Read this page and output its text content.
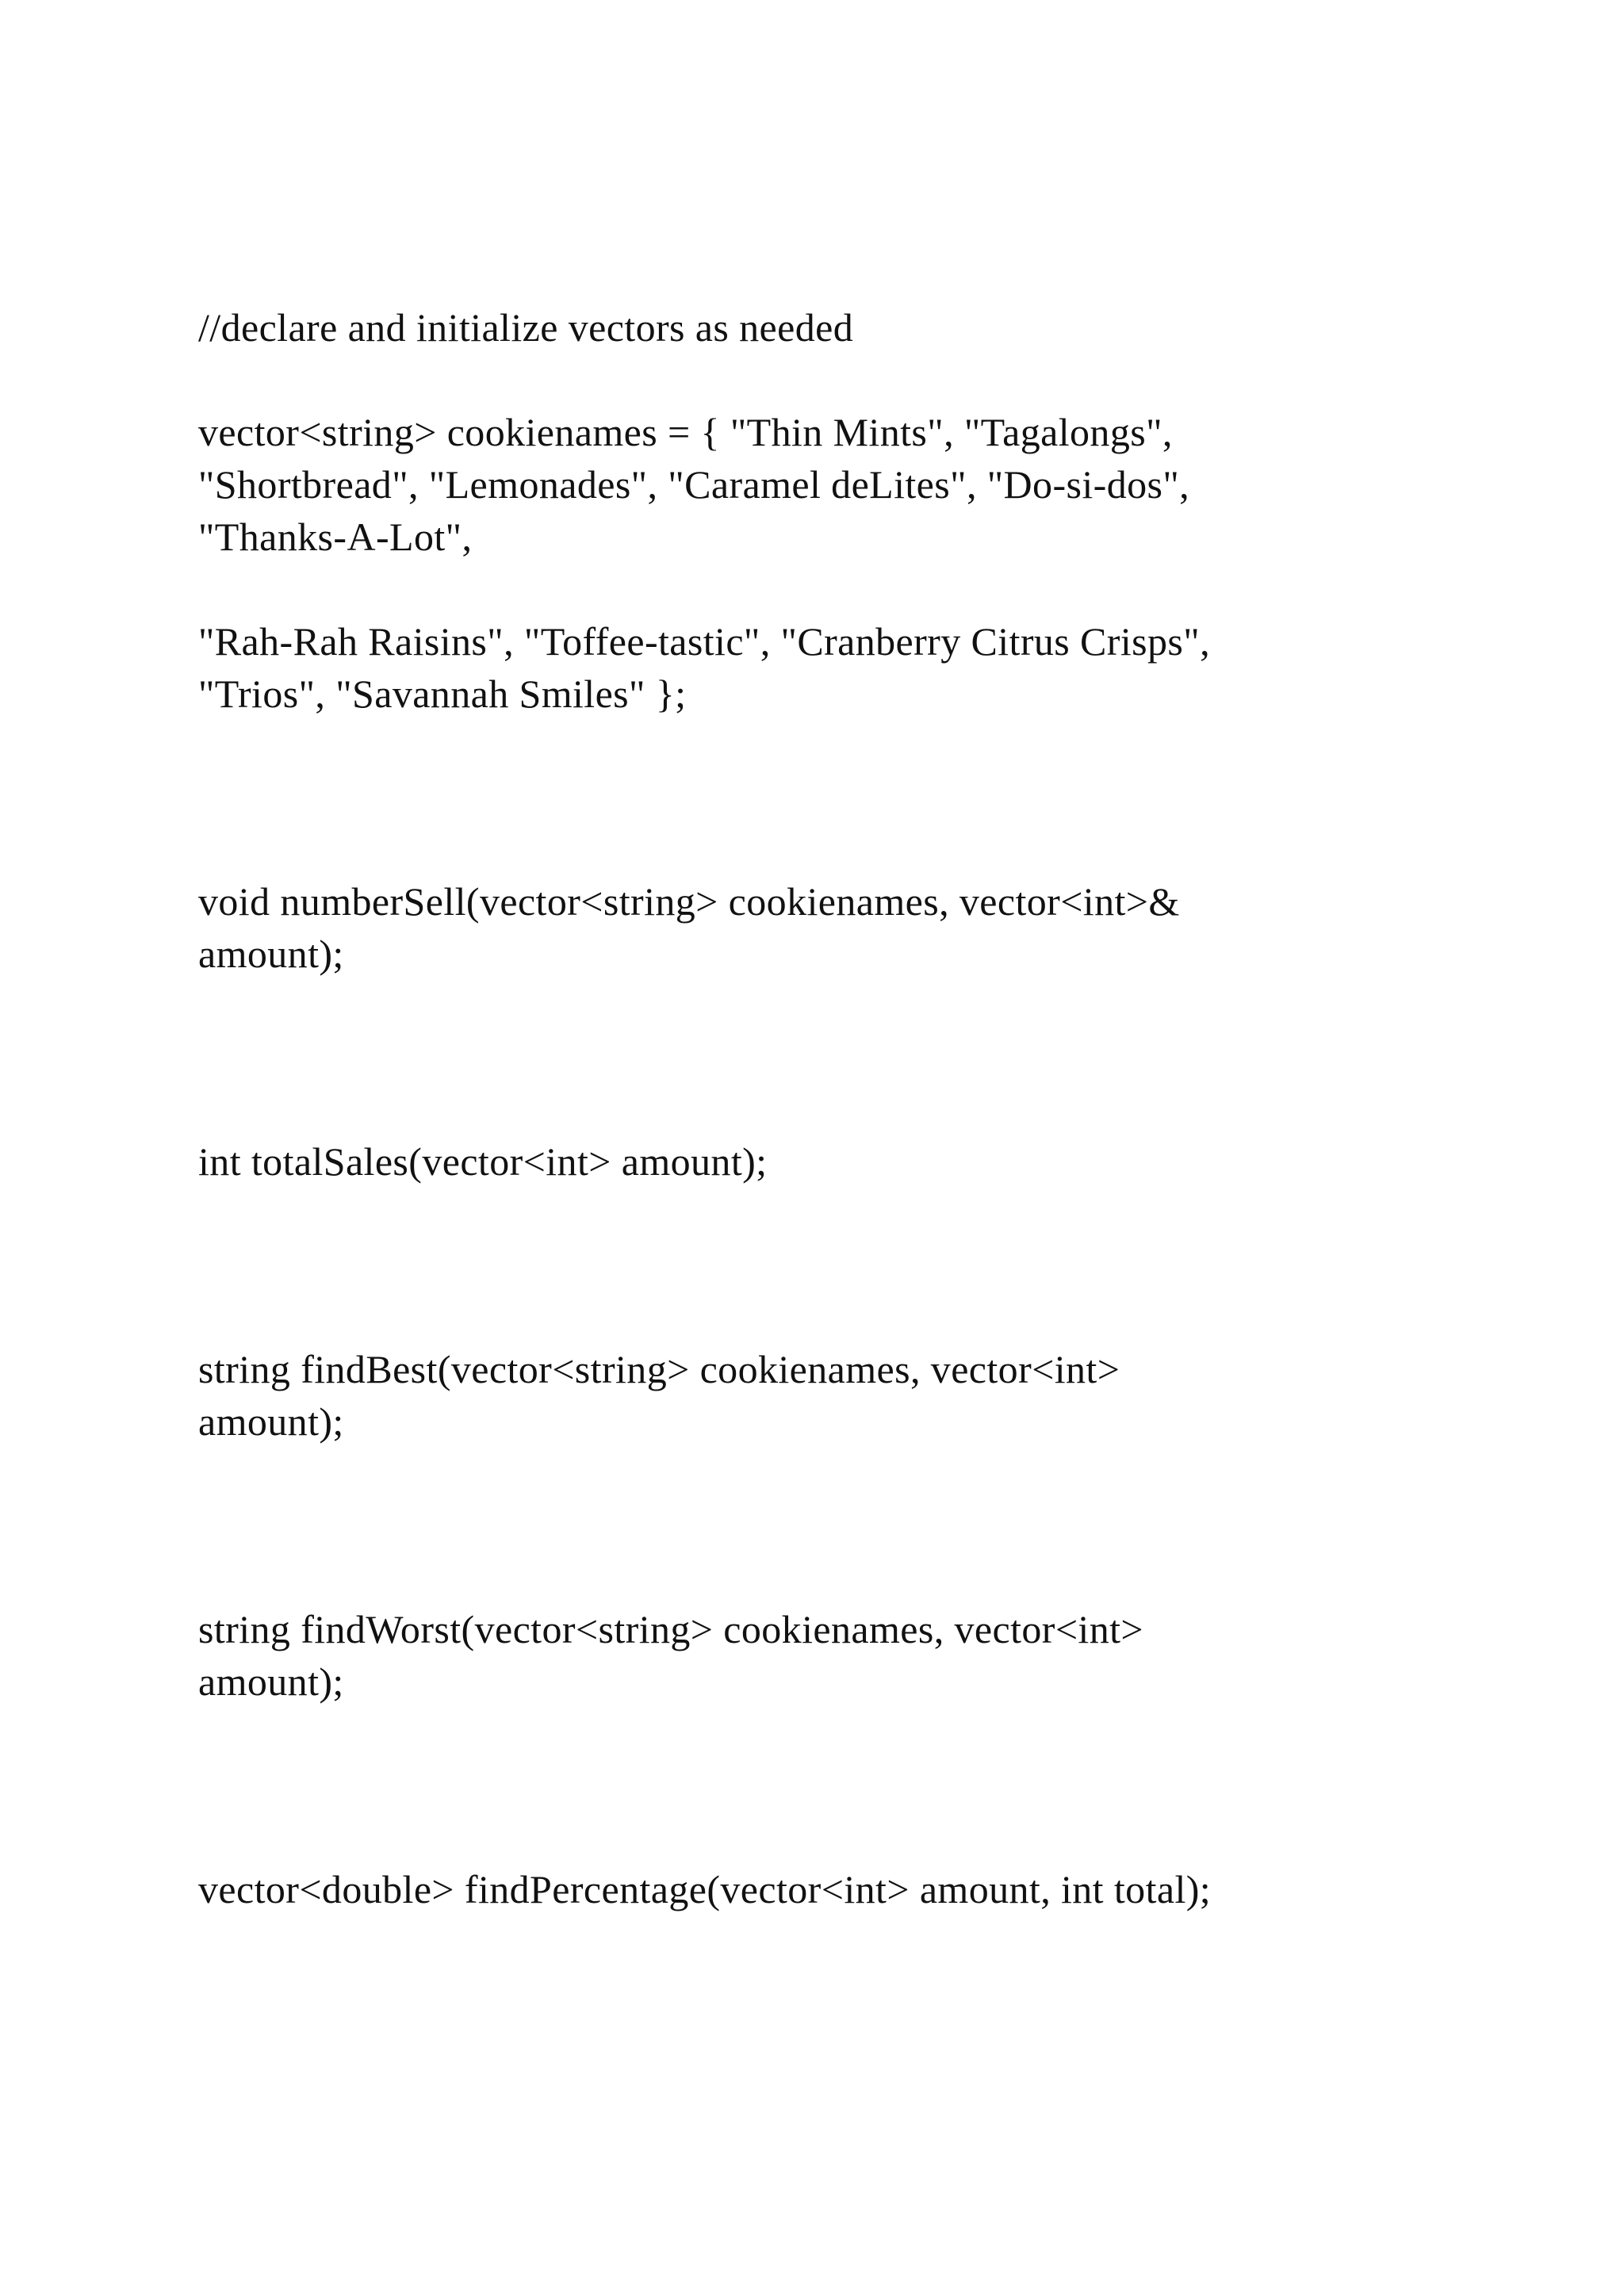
//declare and initialize vectors as needed

vector<string> cookienames = { "Thin Mints", "Tagalongs",

"Shortbread", "Lemonades", "Caramel deLites", "Do-si-dos",

"Thanks-A-Lot",

"Rah-Rah Raisins", "Toffee-tastic", "Cranberry Citrus Crisps",

"Trios", "Savannah Smiles" };

void numberSell(vector<string> cookienames, vector<int>&

amount);

int totalSales(vector<int> amount);

string findBest(vector<string> cookienames, vector<int>

amount);

string findWorst(vector<string> cookienames, vector<int>

amount);

vector<double> findPercentage(vector<int> amount, int total);
